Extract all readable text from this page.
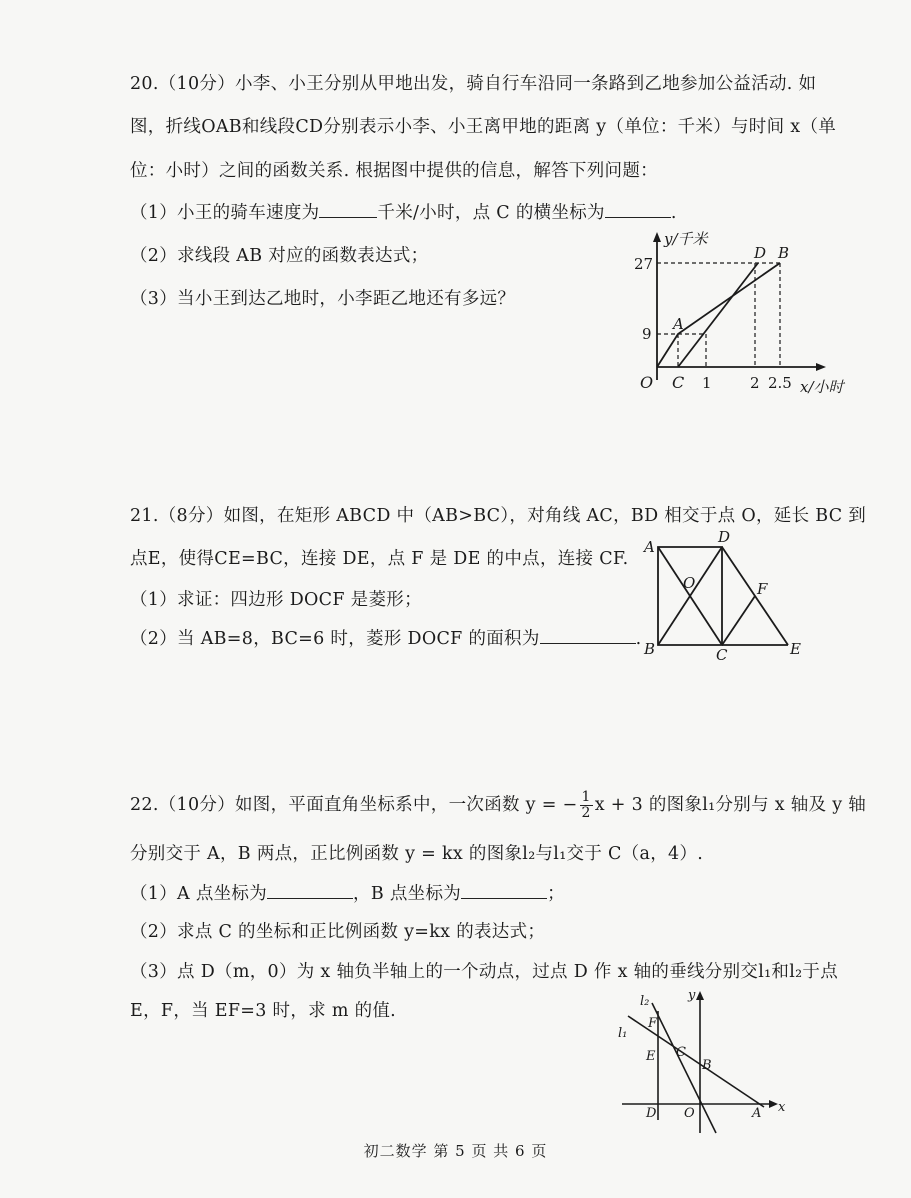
20.（10分）小李、小王分别从甲地出发，骑自行车沿同一条路到乙地参加公益活动. 如
图，折线OAB和线段CD分别表示小李、小王离甲地的距离 y（单位：千米）与时间 x（单
位：小时）之间的函数关系. 根据图中提供的信息，解答下列问题：
（1）小王的骑车速度为	千米/小时，点 C 的横坐标为	.
（2）求线段 AB 对应的函数表达式；
（3）当小王到达乙地时，小李距乙地还有多远？
y/千米
x/小时
27
9
O C 1	2 2.5
A
D B
21.（8分）如图，在矩形 ABCD 中（AB>BC），对角线 AC，BD 相交于点 O，延长 BC 到
点E，使得CE=BC，连接 DE，点 F 是 DE 的中点，连接 CF.
（1）求证：四边形 DOCF 是菱形；
（2）当 AB=8，BC=6 时，菱形 DOCF 的面积为	.
A
D
O	F
B	C	E
22.（10分）如图，平面直角坐标系中，一次函数 y = − $\frac{1}{2}$ x + 3 的图象l₁分别与 x 轴及 y 轴
分别交于 A，B 两点，正比例函数 y = kx 的图象l₂与l₁交于 C（a，4）.
（1）A 点坐标为	，B 点坐标为	；
（2）求点 C 的坐标和正比例函数 y=kx 的表达式；
（3）点 D（m，0）为 x 轴负半轴上的一个动点，过点 D 作 x 轴的垂线分别交l₁和l₂于点
E，F，当 EF=3 时，求 m 的值.	l₂
l₁
y
x
F
E C
B
D O	A
初二数学 第 5 页 共 6 页
